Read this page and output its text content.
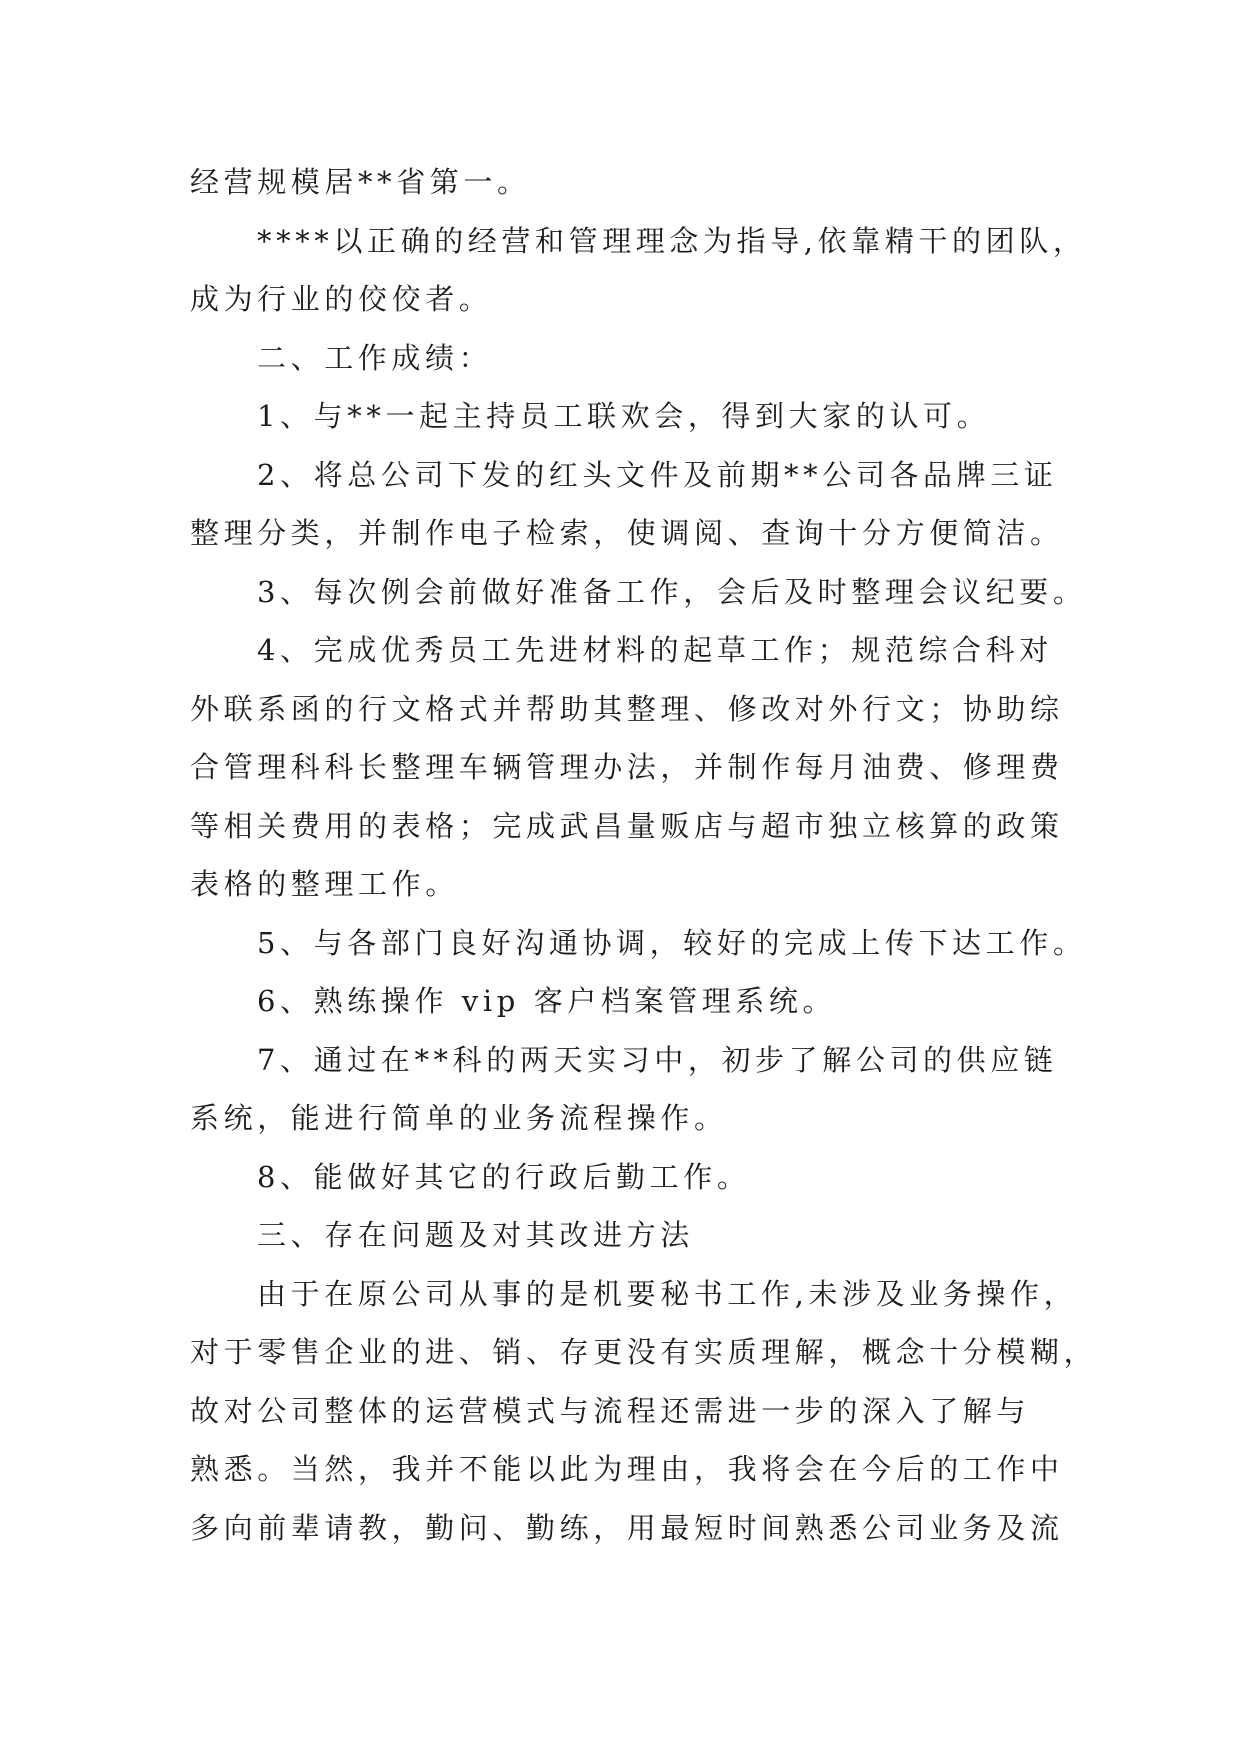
经营规模居**省第一。
****以正确的经营和管理理念为指导,依靠精干的团队，
成为行业的佼佼者。
二、工作成绩：
1、与**一起主持员工联欢会，得到大家的认可。
2、将总公司下发的红头文件及前期**公司各品牌三证
整理分类，并制作电子检索，使调阅、查询十分方便简洁。
3、每次例会前做好准备工作，会后及时整理会议纪要。
4、完成优秀员工先进材料的起草工作；规范综合科对
外联系函的行文格式并帮助其整理、修改对外行文；协助综
合管理科科长整理车辆管理办法，并制作每月油费、修理费
等相关费用的表格；完成武昌量贩店与超市独立核算的政策
表格的整理工作。
5、与各部门良好沟通协调，较好的完成上传下达工作。
6、熟练操作 vip 客户档案管理系统。
7、通过在**科的两天实习中，初步了解公司的供应链
系统，能进行简单的业务流程操作。
8、能做好其它的行政后勤工作。
三、存在问题及对其改进方法
由于在原公司从事的是机要秘书工作,未涉及业务操作，
对于零售企业的进、销、存更没有实质理解，概念十分模糊，
故对公司整体的运营模式与流程还需进一步的深入了解与
熟悉。当然，我并不能以此为理由，我将会在今后的工作中
多向前辈请教，勤问、勤练，用最短时间熟悉公司业务及流
